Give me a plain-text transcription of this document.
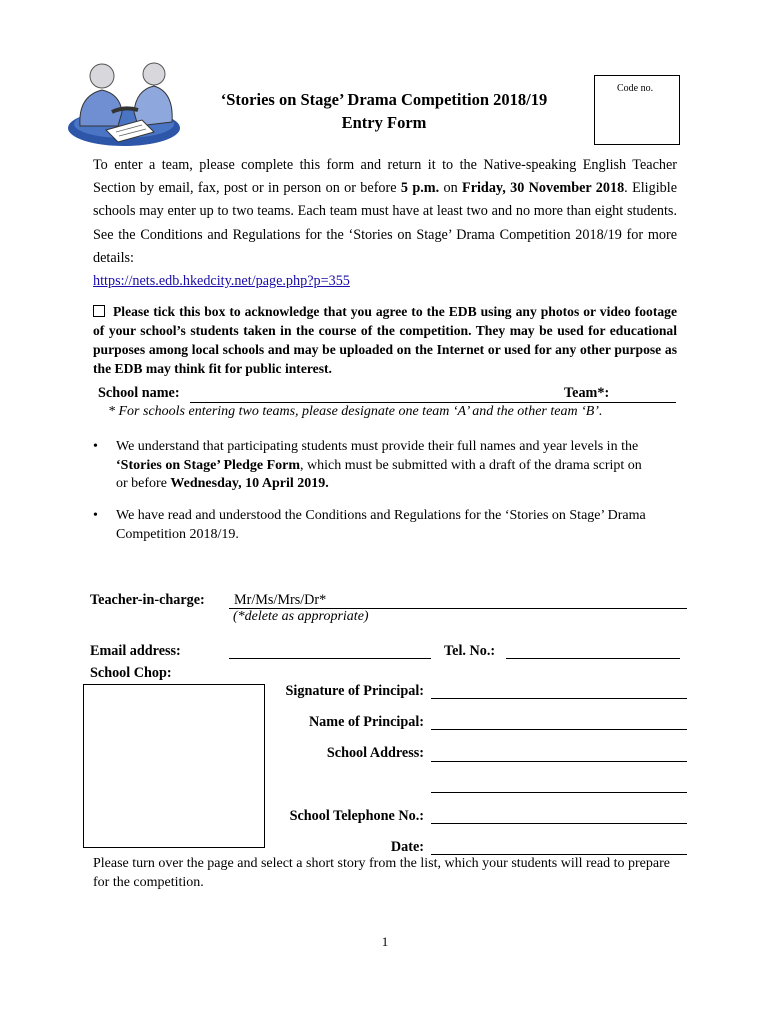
‘Stories on Stage’ Drama Competition 2018/19
Entry Form
Code no.
To enter a team, please complete this form and return it to the Native-speaking English Teacher Section by email, fax, post or in person on or before 5 p.m. on Friday, 30 November 2018. Eligible schools may enter up to two teams. Each team must have at least two and no more than eight students. See the Conditions and Regulations for the ‘Stories on Stage’ Drama Competition 2018/19 for more details:
https://nets.edb.hkedcity.net/page.php?p=355
Please tick this box to acknowledge that you agree to the EDB using any photos or video footage of your school’s students taken in the course of the competition. They may be used for educational purposes among local schools and may be uploaded on the Internet or used for any other purpose as the EDB may think fit for public interest.
School name:	Team*:
* For schools entering two teams, please designate one team ‘A’ and the other team ‘B’.
• We understand that participating students must provide their full names and year levels in the ‘Stories on Stage’ Pledge Form, which must be submitted with a draft of the drama script on or before Wednesday, 10 April 2019.
• We have read and understood the Conditions and Regulations for the ‘Stories on Stage’ Drama Competition 2018/19.
Teacher-in-charge: Mr/Ms/Mrs/Dr*
(*delete as appropriate)
Email address:	Tel. No.:
School Chop:
Signature of Principal:
Name of Principal:
School Address:
School Telephone No.:
Date:
Please turn over the page and select a short story from the list, which your students will read to prepare for the competition.
1
